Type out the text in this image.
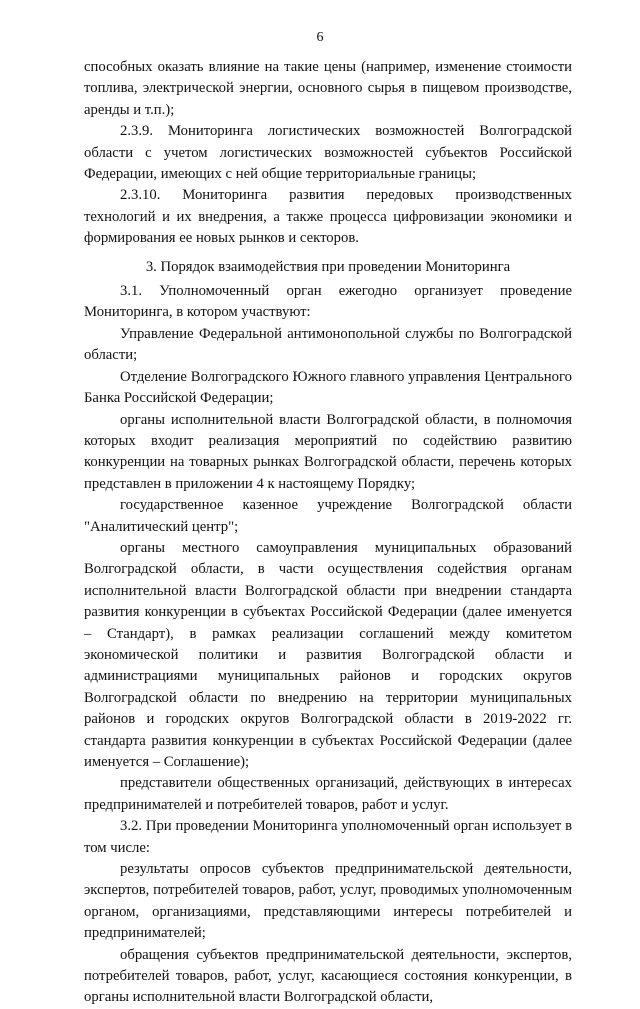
6

способных оказать влияние на такие цены (например, изменение стоимости топлива, электрической энергии, основного сырья в пищевом производстве, аренды и т.п.);

2.3.9. Мониторинга логистических возможностей Волгоградской области с учетом логистических возможностей субъектов Российской Федерации, имеющих с ней общие территориальные границы;

2.3.10. Мониторинга развития передовых производственных технологий и их внедрения, а также процесса цифровизации экономики и формирования ее новых рынков и секторов.

3. Порядок взаимодействия при проведении Мониторинга

3.1. Уполномоченный орган ежегодно организует проведение Мониторинга, в котором участвуют:

Управление Федеральной антимонопольной службы по Волгоградской области;

Отделение Волгоградского Южного главного управления Центрального Банка Российской Федерации;

органы исполнительной власти Волгоградской области, в полномочия которых входит реализация мероприятий по содействию развитию конкуренции на товарных рынках Волгоградской области, перечень которых представлен в приложении 4 к настоящему Порядку;

государственное казенное учреждение Волгоградской области "Аналитический центр";

органы местного самоуправления муниципальных образований Волгоградской области, в части осуществления содействия органам исполнительной власти Волгоградской области при внедрении стандарта развития конкуренции в субъектах Российской Федерации (далее именуется – Стандарт), в рамках реализации соглашений между комитетом экономической политики и развития Волгоградской области и администрациями муниципальных районов и городских округов Волгоградской области по внедрению на территории муниципальных районов и городских округов Волгоградской области в 2019-2022 гг. стандарта развития конкуренции в субъектах Российской Федерации (далее именуется – Соглашение);

представители общественных организаций, действующих в интересах предпринимателей и потребителей товаров, работ и услуг.

3.2. При проведении Мониторинга уполномоченный орган использует в том числе:

результаты опросов субъектов предпринимательской деятельности, экспертов, потребителей товаров, работ, услуг, проводимых уполномоченным органом, организациями, представляющими интересы потребителей и предпринимателей;

обращения субъектов предпринимательской деятельности, экспертов, потребителей товаров, работ, услуг, касающиеся состояния конкуренции, в органы исполнительной власти Волгоградской области,
